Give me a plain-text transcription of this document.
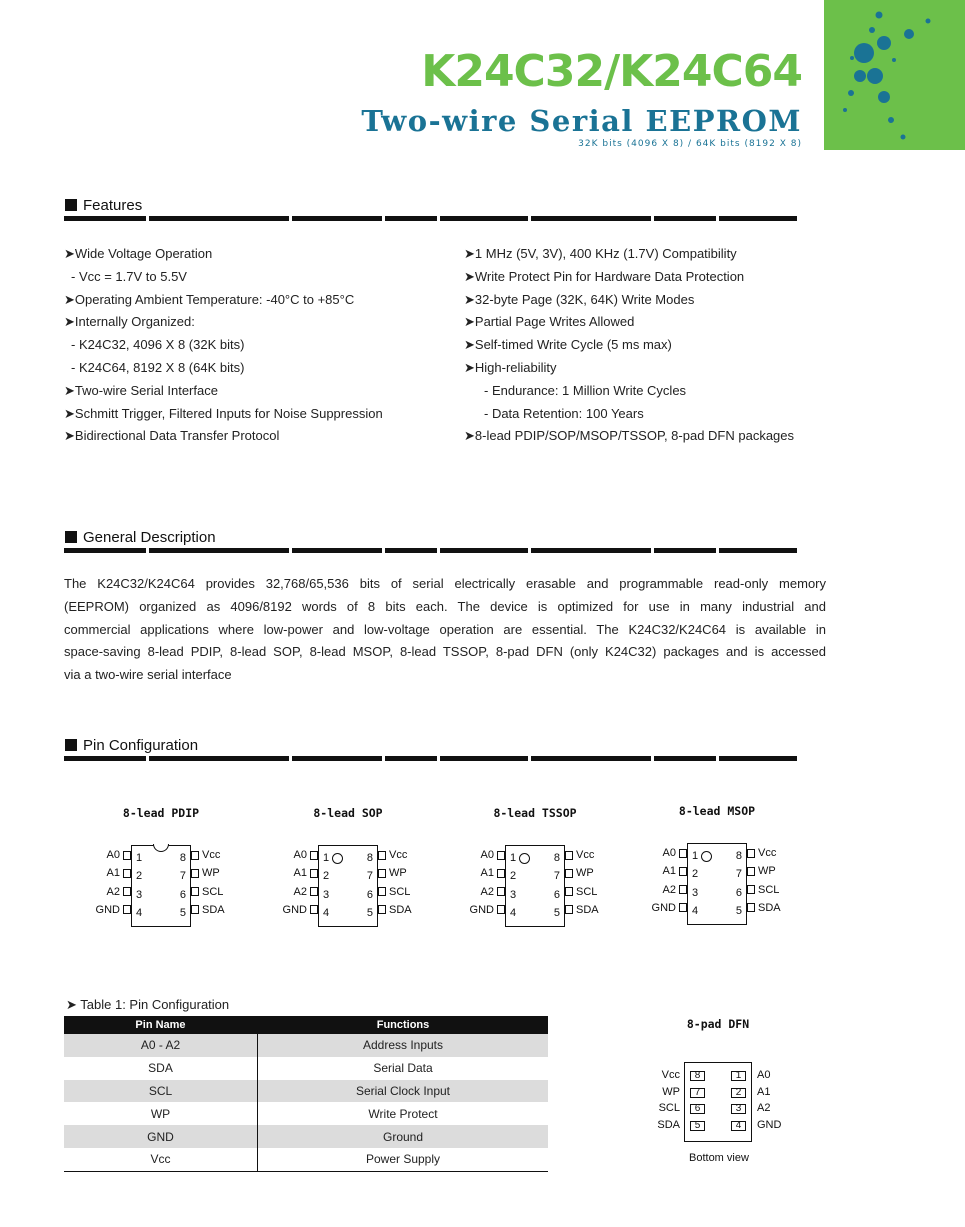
K24C32/K24C64
Two-wire Serial EEPROM
32K bits (4096 X 8) / 64K bits (8192 X 8)
Features
➤Wide Voltage Operation
- Vcc = 1.7V to 5.5V
➤Operating Ambient Temperature: -40°C to +85°C
➤Internally Organized:
- K24C32, 4096 X 8 (32K bits)
- K24C64, 8192 X 8 (64K bits)
➤Two-wire Serial Interface
➤Schmitt Trigger, Filtered Inputs for Noise Suppression
➤Bidirectional Data Transfer Protocol
➤1 MHz (5V, 3V), 400 KHz (1.7V) Compatibility
➤Write Protect Pin for Hardware Data Protection
➤32-byte Page (32K, 64K) Write Modes
➤Partial Page Writes Allowed
➤Self-timed Write Cycle (5 ms max)
➤High-reliability
- Endurance: 1 Million Write Cycles
- Data Retention: 100 Years
➤8-lead PDIP/SOP/MSOP/TSSOP, 8-pad DFN packages
General Description
The K24C32/K24C64 provides 32,768/65,536 bits of serial electrically erasable and programmable read-only memory
(EEPROM) organized as 4096/8192 words of 8 bits each. The device is optimized for use in many industrial and
commercial applications where low-power and low-voltage operation are essential. The K24C32/K24C64 is available in
space-saving 8-lead PDIP, 8-lead SOP, 8-lead MSOP, 8-lead TSSOP, 8-pad DFN (only K24C32) packages and is accessed
via a two-wire serial interface
Pin Configuration
8-lead PDIP
1
2
3
4
8
7
6
5
A0
A1
A2
GND
Vcc
WP
SCL
SDA
8-lead SOP
1
2
3
4
8
7
6
5
A0
A1
A2
GND
Vcc
WP
SCL
SDA
8-lead TSSOP
1
2
3
4
8
7
6
5
A0
A1
A2
GND
Vcc
WP
SCL
SDA
8-lead MSOP
1
2
3
4
8
7
6
5
A0
A1
A2
GND
Vcc
WP
SCL
SDA
➤ Table 1: Pin Configuration
Pin Name	Functions
A0 - A2	Address Inputs
SDA	Serial Data
SCL	Serial Clock Input
WP	Write Protect
GND	Ground
Vcc	Power Supply
8-pad DFN
Vcc	8
WP	7
SCL	6
SDA	5
1	A0
2	A1
3	A2
4	GND
Bottom view
